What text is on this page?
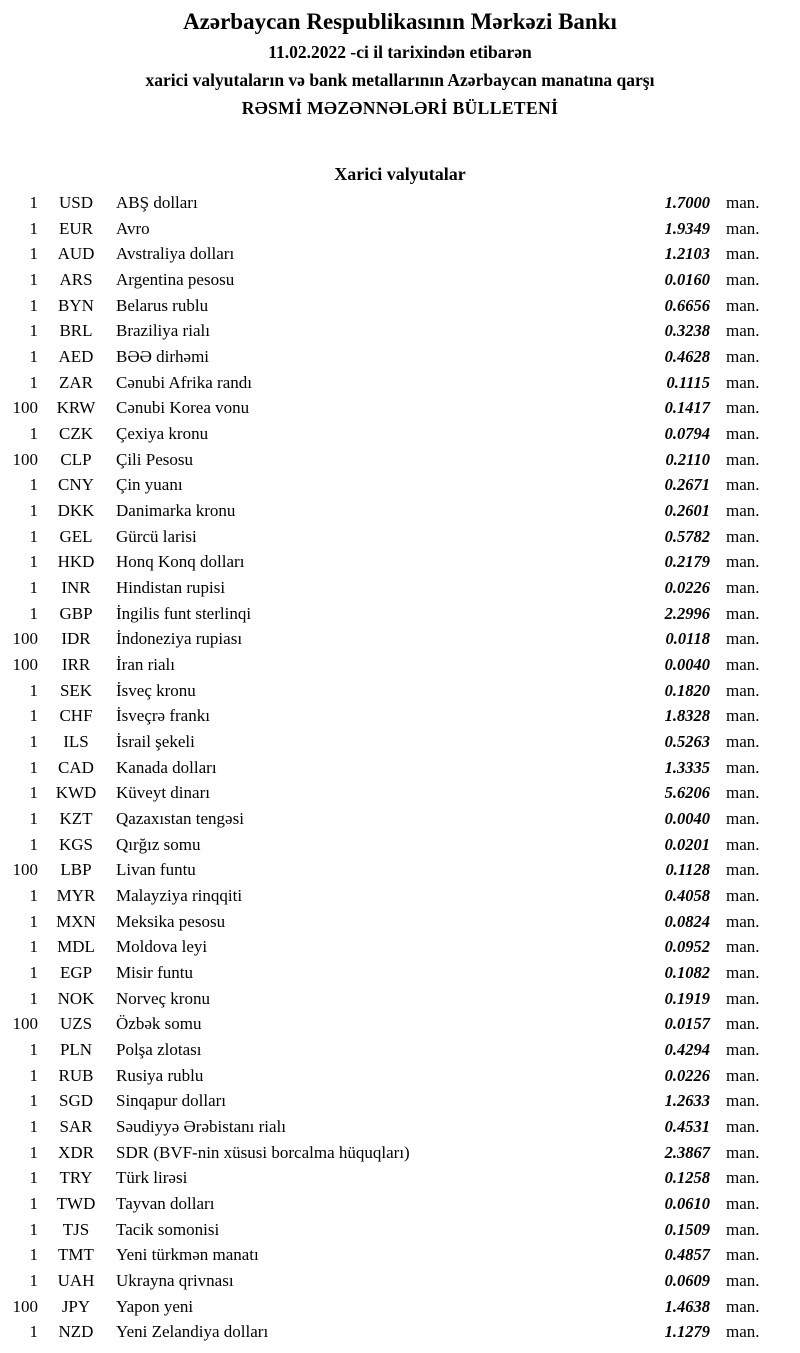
Azərbaycan Respublikasının Mərkəzi Bankı
11.02.2022 -ci il tarixindən etibarən
xarici valyutaların və bank metallarının Azərbaycan manatına qarşı
RƏSMİ MƏZƏNNƏLƏRİ BÜLLETENİ
Xarici valyutalar
1	USD	ABŞ dolları	1.7000 man.
1	EUR	Avro	1.9349 man.
1	AUD	Avstraliya dolları	1.2103 man.
1	ARS	Argentina pesosu	0.0160 man.
1	BYN	Belarus rublu	0.6656 man.
1	BRL	Braziliya rialı	0.3238 man.
1	AED	BƏƏ dirhəmi	0.4628 man.
1	ZAR	Cənubi Afrika randı	0.1115 man.
100	KRW	Cənubi Korea vonu	0.1417 man.
1	CZK	Çexiya kronu	0.0794 man.
100	CLP	Çili Pesosu	0.2110 man.
1	CNY	Çin yuanı	0.2671 man.
1	DKK	Danimarka kronu	0.2601 man.
1	GEL	Gürcü larisi	0.5782 man.
1	HKD	Honq Konq dolları	0.2179 man.
1	INR	Hindistan rupisi	0.0226 man.
1	GBP	İngilis funt sterlinqi	2.2996 man.
100	IDR	İndoneziya rupiası	0.0118 man.
100	IRR	İran rialı	0.0040 man.
1	SEK	İsveç kronu	0.1820 man.
1	CHF	İsveçrə frankı	1.8328 man.
1	ILS	İsrail şekeli	0.5263 man.
1	CAD	Kanada dolları	1.3335 man.
1	KWD	Küveyt dinarı	5.6206 man.
1	KZT	Qazaxıstan tengəsi	0.0040 man.
1	KGS	Qırğız somu	0.0201 man.
100	LBP	Livan funtu	0.1128 man.
1	MYR	Malayziya rinqqiti	0.4058 man.
1	MXN	Meksika pesosu	0.0824 man.
1	MDL	Moldova leyi	0.0952 man.
1	EGP	Misir funtu	0.1082 man.
1	NOK	Norveç kronu	0.1919 man.
100	UZS	Özbək somu	0.0157 man.
1	PLN	Polşa zlotası	0.4294 man.
1	RUB	Rusiya rublu	0.0226 man.
1	SGD	Sinqapur dolları	1.2633 man.
1	SAR	Səudiyyə Ərəbistanı rialı	0.4531 man.
1	XDR	SDR (BVF-nin xüsusi borcalma hüquqları)	2.3867 man.
1	TRY	Türk lirəsi	0.1258 man.
1	TWD	Tayvan dolları	0.0610 man.
1	TJS	Tacik somonisi	0.1509 man.
1	TMT	Yeni türkmən manatı	0.4857 man.
1	UAH	Ukrayna qrivnası	0.0609 man.
100	JPY	Yapon yeni	1.4638 man.
1	NZD	Yeni Zelandiya dolları	1.1279 man.
